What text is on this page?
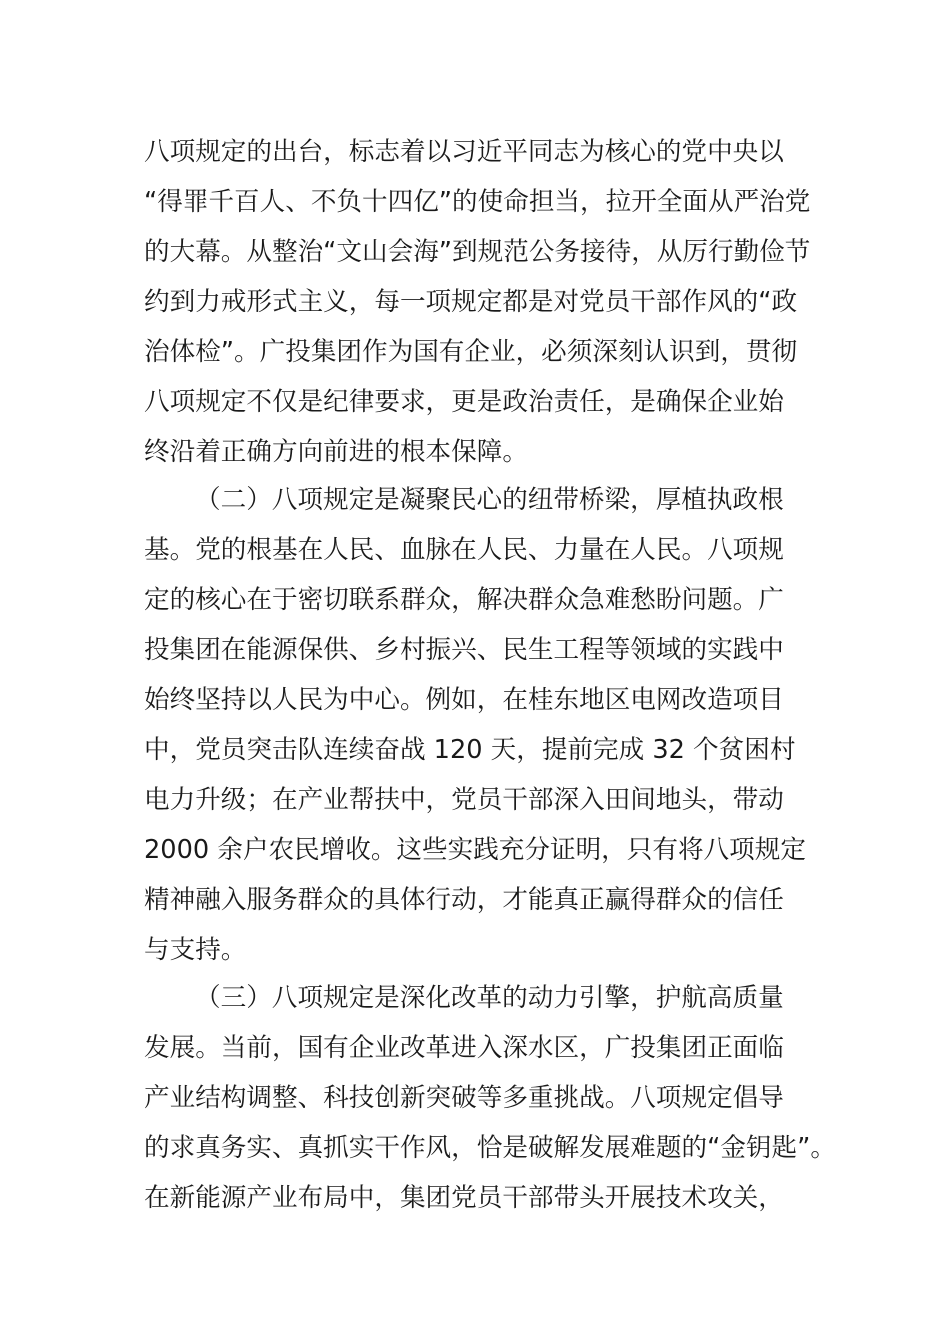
八项规定的出台，标志着以习近平同志为核心的党中央以
“得罪千百人、不负十四亿”的使命担当，拉开全面从严治党
的大幕。从整治“文山会海”到规范公务接待，从厉行勤俭节
约到力戒形式主义，每一项规定都是对党员干部作风的“政
治体检”。广投集团作为国有企业，必须深刻认识到，贯彻
八项规定不仅是纪律要求，更是政治责任，是确保企业始
终沿着正确方向前进的根本保障。
（二）八项规定是凝聚民心的纽带桥梁，厚植执政根
基。党的根基在人民、血脉在人民、力量在人民。八项规
定的核心在于密切联系群众，解决群众急难愁盼问题。广
投集团在能源保供、乡村振兴、民生工程等领域的实践中
始终坚持以人民为中心。例如，在桂东地区电网改造项目
中，党员突击队连续奋战 120 天，提前完成 32 个贫困村
电力升级；在产业帮扶中，党员干部深入田间地头，带动
2000 余户农民增收。这些实践充分证明，只有将八项规定
精神融入服务群众的具体行动，才能真正赢得群众的信任
与支持。
（三）八项规定是深化改革的动力引擎，护航高质量
发展。当前，国有企业改革进入深水区，广投集团正面临
产业结构调整、科技创新突破等多重挑战。八项规定倡导
的求真务实、真抓实干作风，恰是破解发展难题的“金钥匙”。
在新能源产业布局中，集团党员干部带头开展技术攻关，
